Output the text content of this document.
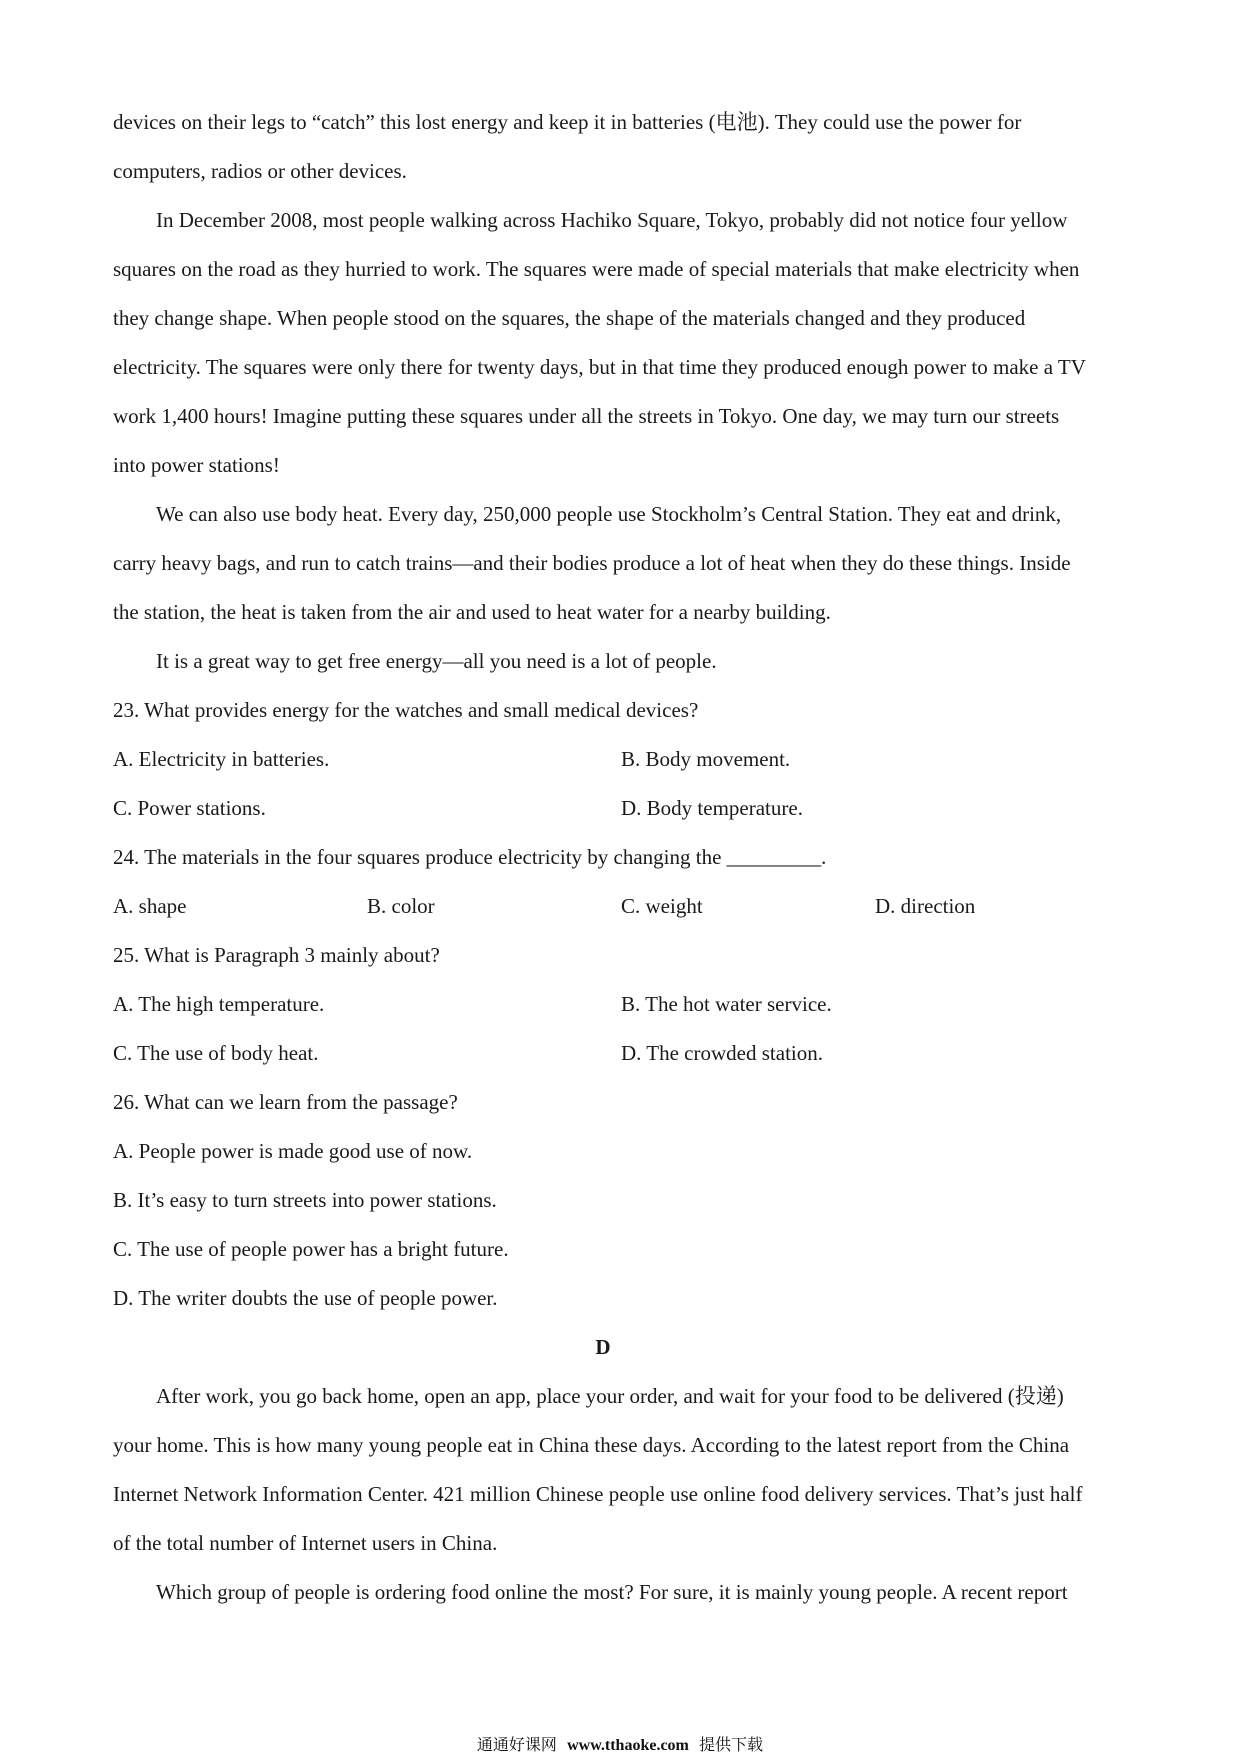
devices on their legs to “catch” this lost energy and keep it in batteries (电池). They could use the power for
computers, radios or other devices.
In December 2008, most people walking across Hachiko Square, Tokyo, probably did not notice four yellow
squares on the road as they hurried to work. The squares were made of special materials that make electricity when
they change shape. When people stood on the squares, the shape of the materials changed and they produced
electricity. The squares were only there for twenty days, but in that time they produced enough power to make a TV
work 1,400 hours! Imagine putting these squares under all the streets in Tokyo. One day, we may turn our streets
into power stations!
We can also use body heat. Every day, 250,000 people use Stockholm’s Central Station. They eat and drink,
carry heavy bags, and run to catch trains—and their bodies produce a lot of heat when they do these things. Inside
the station, the heat is taken from the air and used to heat water for a nearby building.
It is a great way to get free energy—all you need is a lot of people.
23. What provides energy for the watches and small medical devices?
A. Electricity in batteries.	B. Body movement.
C. Power stations.	D. Body temperature.
24. The materials in the four squares produce electricity by changing the _________.
A. shape	B. color	C. weight	D. direction
25. What is Paragraph 3 mainly about?
A. The high temperature.	B. The hot water service.
C. The use of body heat.	D. The crowded station.
26. What can we learn from the passage?
A. People power is made good use of now.
B. It’s easy to turn streets into power stations.
C. The use of people power has a bright future.
D. The writer doubts the use of people power.
D
After work, you go back home, open an app, place your order, and wait for your food to be delivered (投递)
your home. This is how many young people eat in China these days. According to the latest report from the China
Internet Network Information Center. 421 million Chinese people use online food delivery services. That’s just half
of the total number of Internet users in China.
Which group of people is ordering food online the most? For sure, it is mainly young people. A recent report
通通好课网 www.tthaoke.com 提供下载
